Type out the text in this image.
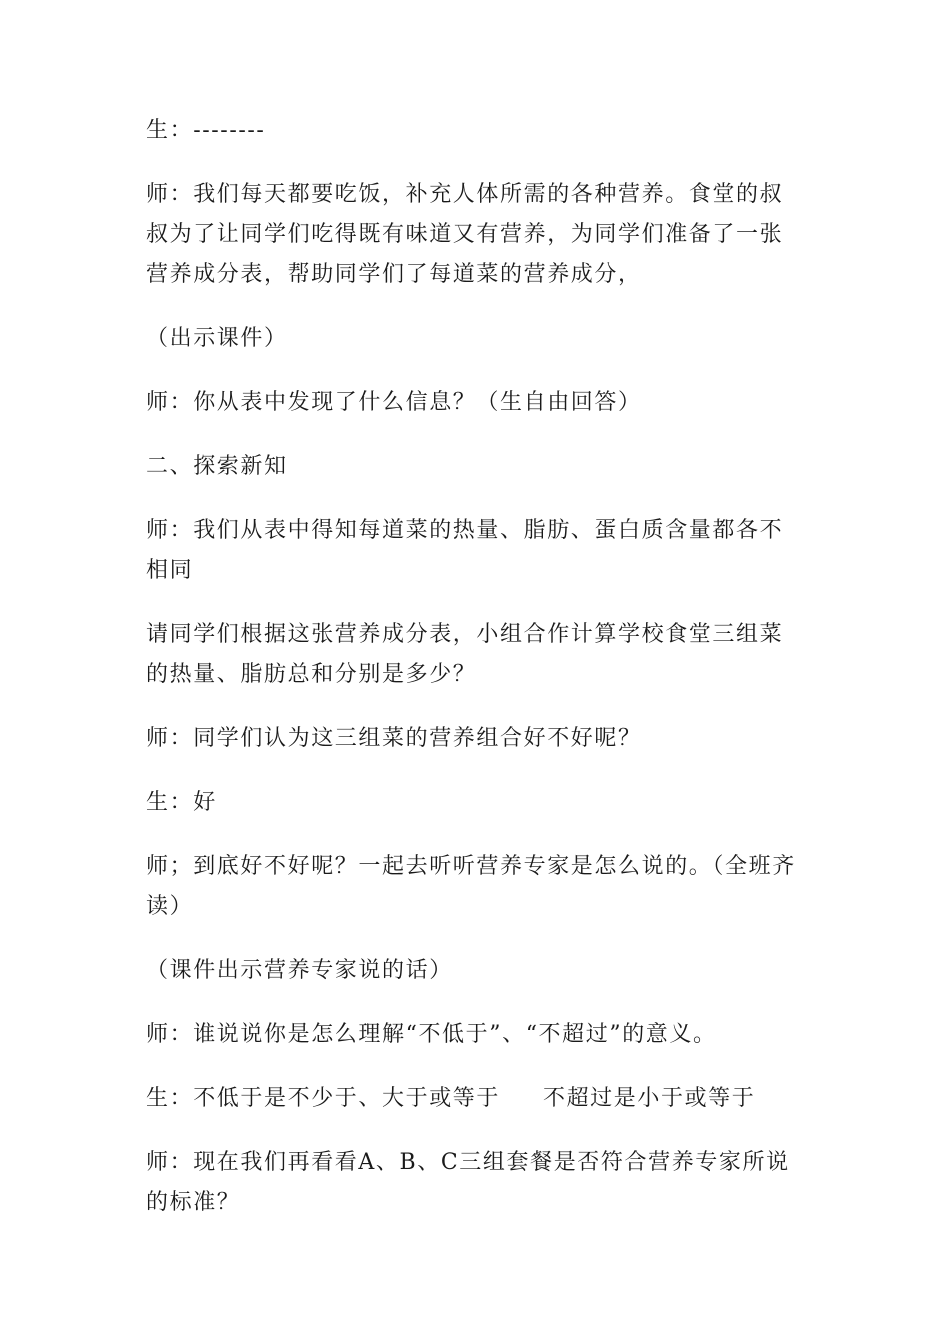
生：--------

师：我们每天都要吃饭，补充人体所需的各种营养。食堂的叔叔为了让同学们吃得既有味道又有营养，为同学们准备了一张营养成分表，帮助同学们了每道菜的营养成分，

（出示课件）

师：你从表中发现了什么信息？（生自由回答）

二、探索新知

师：我们从表中得知每道菜的热量、脂肪、蛋白质含量都各不相同

请同学们根据这张营养成分表，小组合作计算学校食堂三组菜的热量、脂肪总和分别是多少？

师：同学们认为这三组菜的营养组合好不好呢？

生：好

师；到底好不好呢？一起去听听营养专家是怎么说的。（全班齐读）

（课件出示营养专家说的话）

师：谁说说你是怎么理解“不低于”、“不超过”的意义。

生：不低于是不少于、大于或等于     不超过是小于或等于

师：现在我们再看看A、B、C三组套餐是否符合营养专家所说的标准？
